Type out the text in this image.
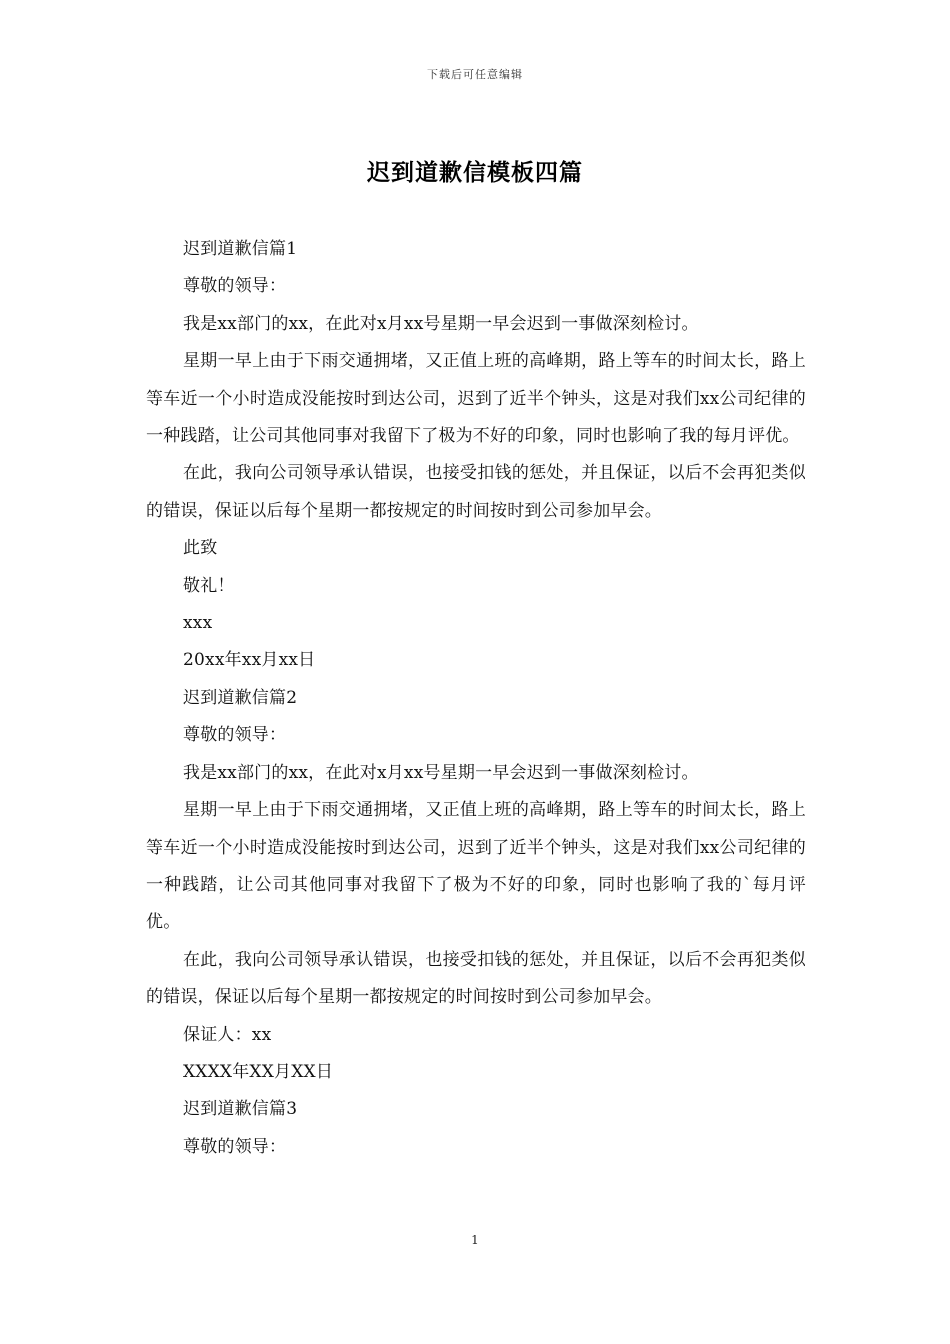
下载后可任意编辑
迟到道歉信模板四篇

迟到道歉信篇1

尊敬的领导：

我是xx部门的xx，在此对x月xx号星期一早会迟到一事做深刻检讨。

星期一早上由于下雨交通拥堵，又正值上班的高峰期，路上等车的时间太长，路上等车近一个小时造成没能按时到达公司，迟到了近半个钟头，这是对我们xx公司纪律的一种践踏，让公司其他同事对我留下了极为不好的印象，同时也影响了我的每月评优。

在此，我向公司领导承认错误，也接受扣钱的惩处，并且保证，以后不会再犯类似的错误，保证以后每个星期一都按规定的时间按时到公司参加早会。

此致

敬礼！

xxx

20xx年xx月xx日

迟到道歉信篇2

尊敬的领导：

我是xx部门的xx，在此对x月xx号星期一早会迟到一事做深刻检讨。

星期一早上由于下雨交通拥堵，又正值上班的高峰期，路上等车的时间太长，路上等车近一个小时造成没能按时到达公司，迟到了近半个钟头，这是对我们xx公司纪律的一种践踏，让公司其他同事对我留下了极为不好的印象，同时也影响了我的`每月评优。

在此，我向公司领导承认错误，也接受扣钱的惩处，并且保证，以后不会再犯类似的错误，保证以后每个星期一都按规定的时间按时到公司参加早会。

保证人：xx

XXXX年XX月XX日

迟到道歉信篇3

尊敬的领导：

1
